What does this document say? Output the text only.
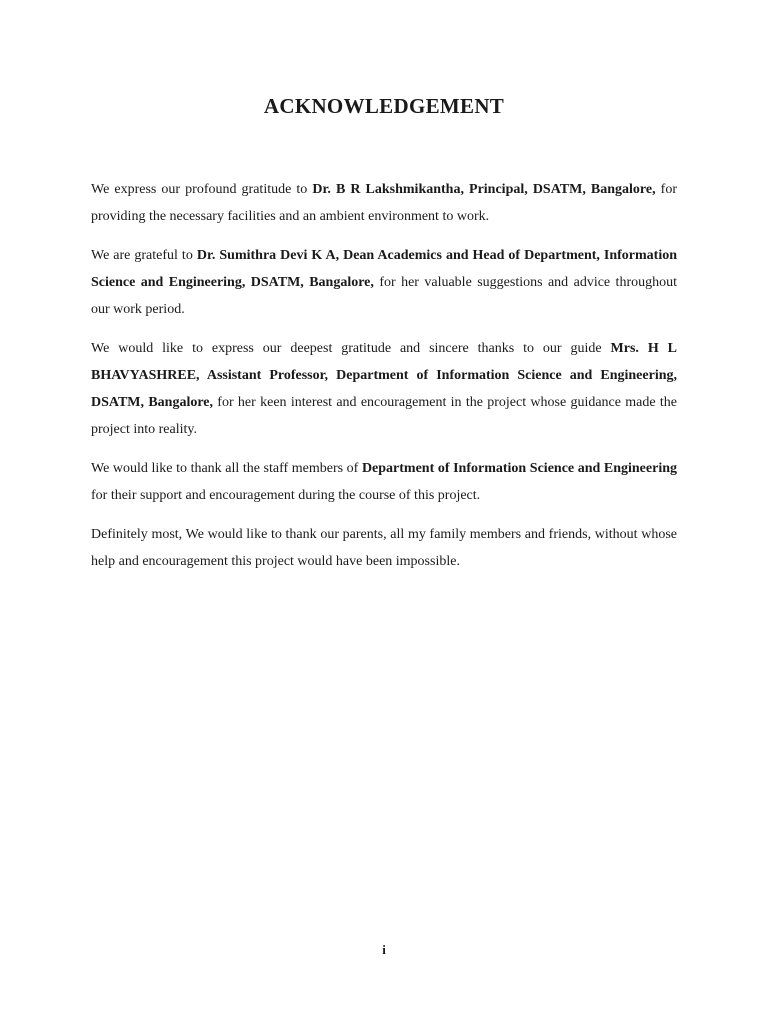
ACKNOWLEDGEMENT

We express our profound gratitude to Dr. B R Lakshmikantha, Principal, DSATM, Bangalore, for providing the necessary facilities and an ambient environment to work.

We are grateful to Dr. Sumithra Devi K A, Dean Academics and Head of Department, Information Science and Engineering, DSATM, Bangalore, for her valuable suggestions and advice throughout our work period.

We would like to express our deepest gratitude and sincere thanks to our guide Mrs. H L BHAVYASHREE, Assistant Professor, Department of Information Science and Engineering, DSATM, Bangalore, for her keen interest and encouragement in the project whose guidance made the project into reality.

We would like to thank all the staff members of Department of Information Science and Engineering for their support and encouragement during the course of this project.

Definitely most, We would like to thank our parents, all my family members and friends, without whose help and encouragement this project would have been impossible.

i
